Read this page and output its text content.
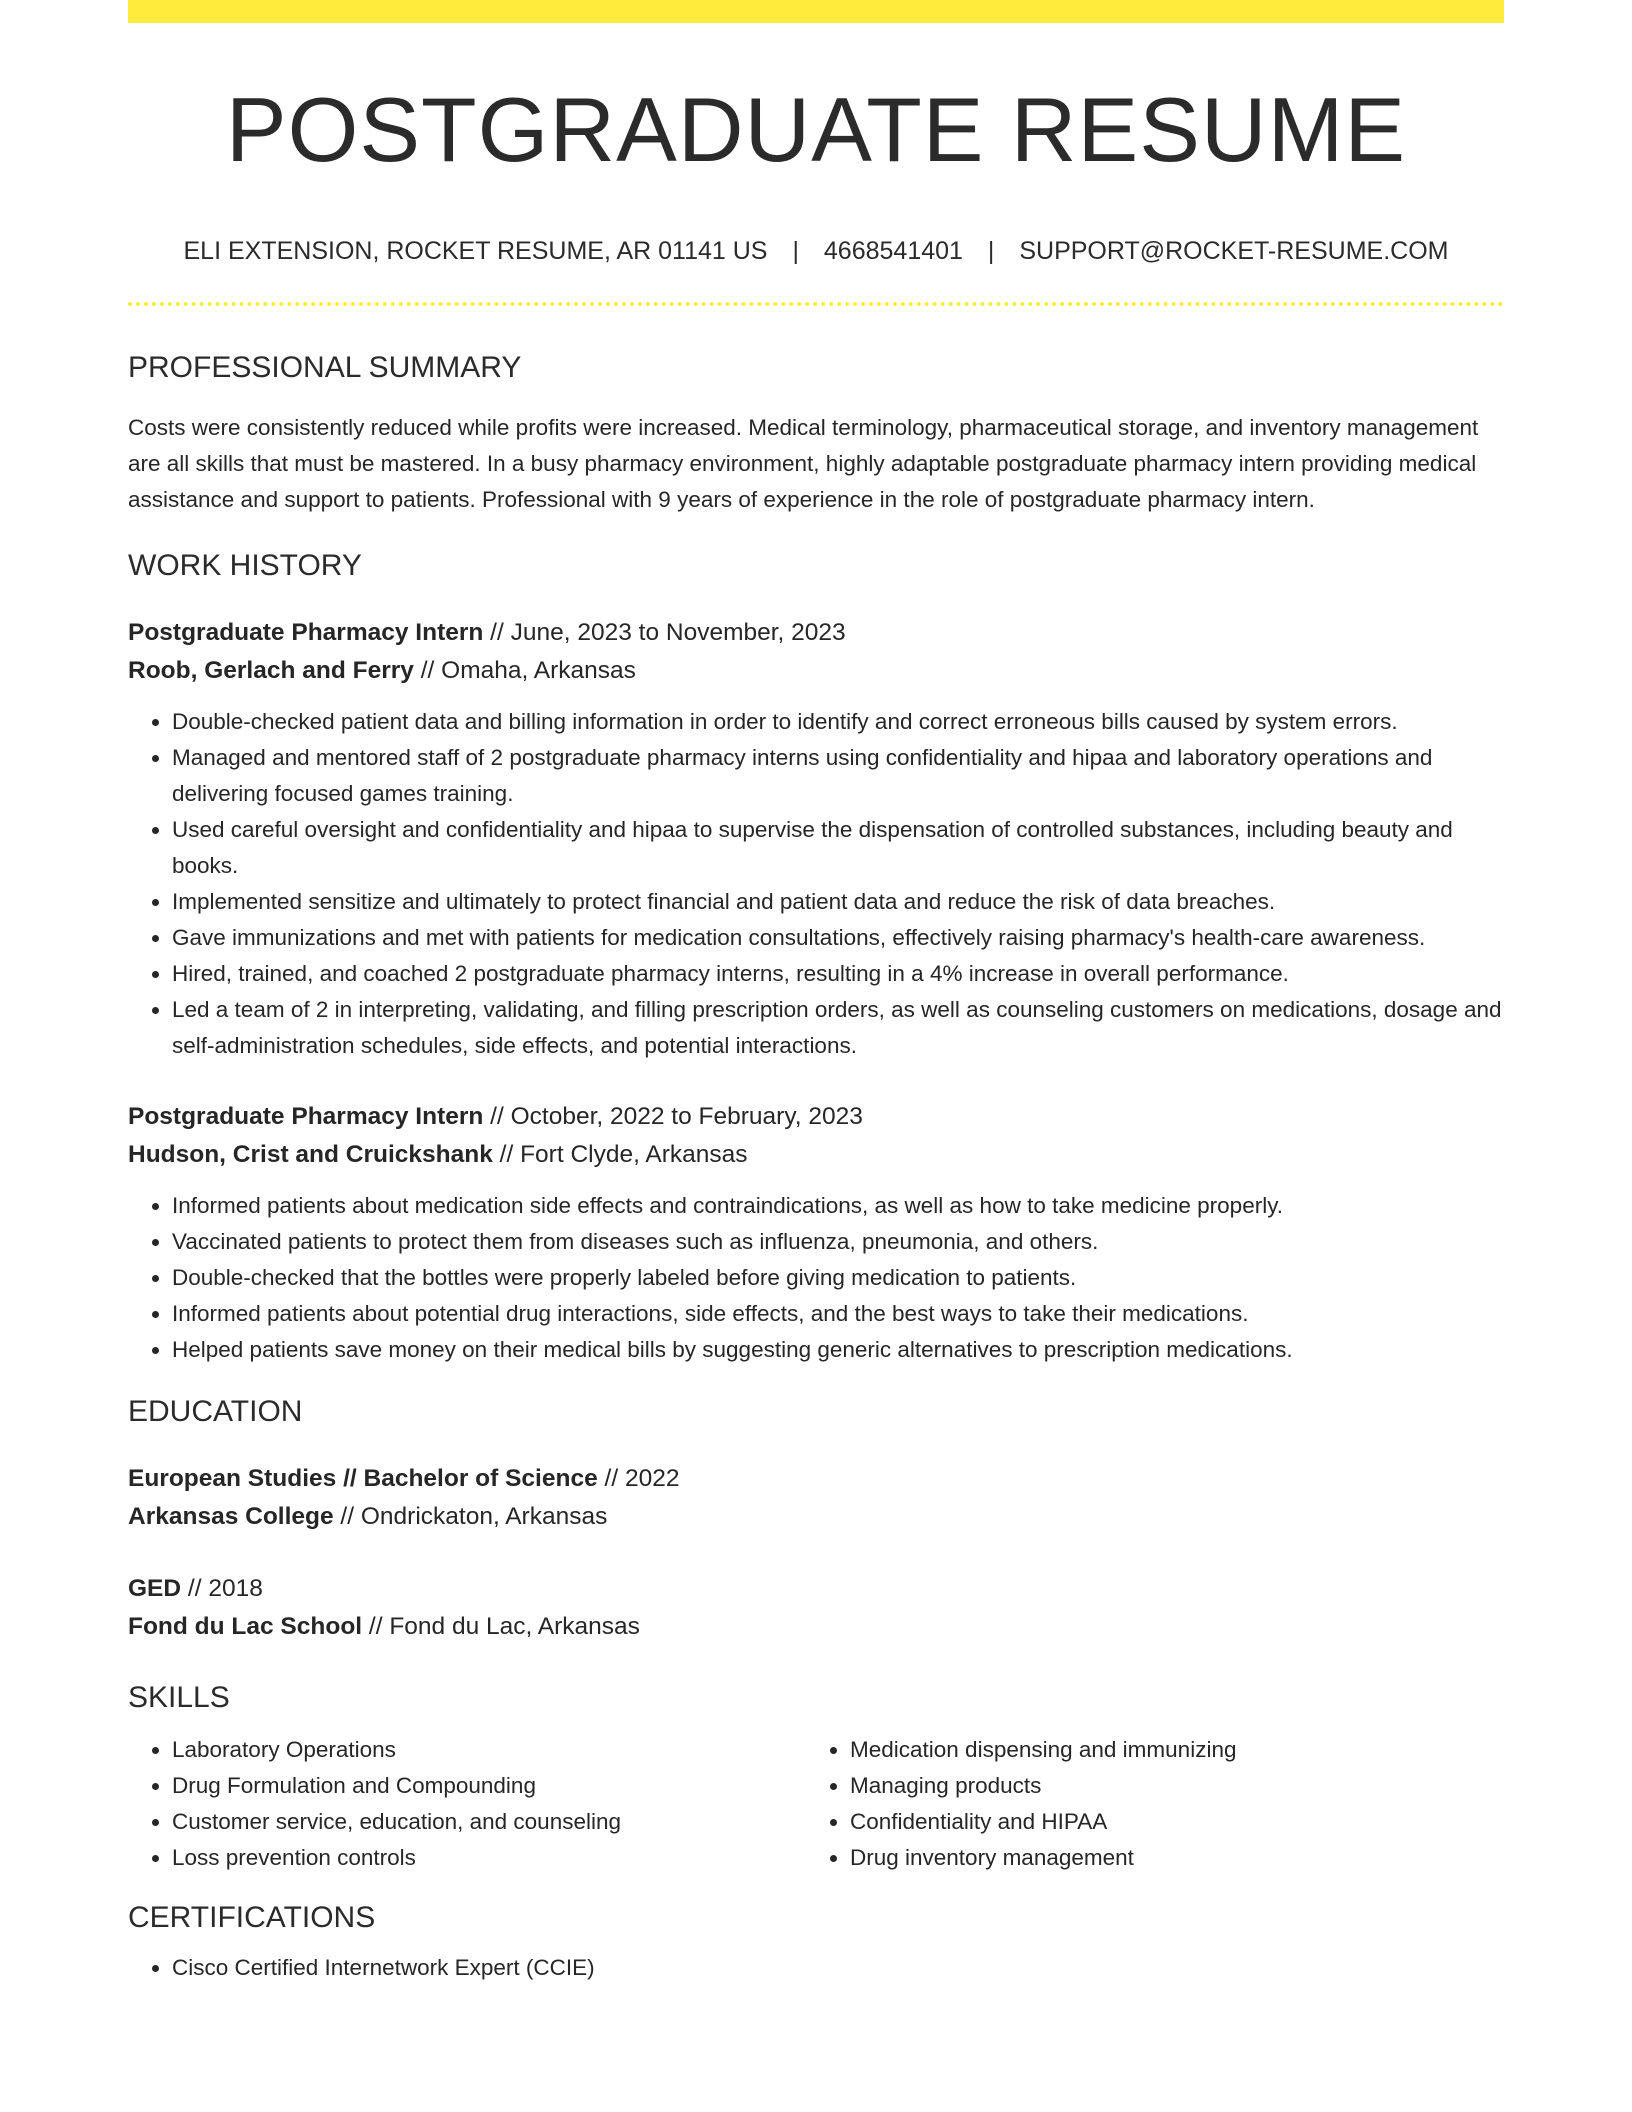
POSTGRADUATE RESUME
ELI EXTENSION, ROCKET RESUME, AR 01141 US | 4668541401 | SUPPORT@ROCKET-RESUME.COM
PROFESSIONAL SUMMARY

Costs were consistently reduced while profits were increased. Medical terminology, pharmaceutical storage, and inventory management are all skills that must be mastered. In a busy pharmacy environment, highly adaptable postgraduate pharmacy intern providing medical assistance and support to patients. Professional with 9 years of experience in the role of postgraduate pharmacy intern.

WORK HISTORY
Postgraduate Pharmacy Intern // June, 2023 to November, 2023
Roob, Gerlach and Ferry // Omaha, Arkansas
• Double-checked patient data and billing information in order to identify and correct erroneous bills caused by system errors.
• Managed and mentored staff of 2 postgraduate pharmacy interns using confidentiality and hipaa and laboratory operations and delivering focused games training.
• Used careful oversight and confidentiality and hipaa to supervise the dispensation of controlled substances, including beauty and books.
• Implemented sensitize and ultimately to protect financial and patient data and reduce the risk of data breaches.
• Gave immunizations and met with patients for medication consultations, effectively raising pharmacy's health-care awareness.
• Hired, trained, and coached 2 postgraduate pharmacy interns, resulting in a 4% increase in overall performance.
• Led a team of 2 in interpreting, validating, and filling prescription orders, as well as counseling customers on medications, dosage and self-administration schedules, side effects, and potential interactions.
Postgraduate Pharmacy Intern // October, 2022 to February, 2023
Hudson, Crist and Cruickshank // Fort Clyde, Arkansas
• Informed patients about medication side effects and contraindications, as well as how to take medicine properly.
• Vaccinated patients to protect them from diseases such as influenza, pneumonia, and others.
• Double-checked that the bottles were properly labeled before giving medication to patients.
• Informed patients about potential drug interactions, side effects, and the best ways to take their medications.
• Helped patients save money on their medical bills by suggesting generic alternatives to prescription medications.
EDUCATION
European Studies // Bachelor of Science // 2022
Arkansas College // Ondrickaton, Arkansas
GED // 2018
Fond du Lac School // Fond du Lac, Arkansas
SKILLS
• Laboratory Operations
• Drug Formulation and Compounding
• Customer service, education, and counseling
• Loss prevention controls
• Medication dispensing and immunizing
• Managing products
• Confidentiality and HIPAA
• Drug inventory management
CERTIFICATIONS
• Cisco Certified Internetwork Expert (CCIE)
